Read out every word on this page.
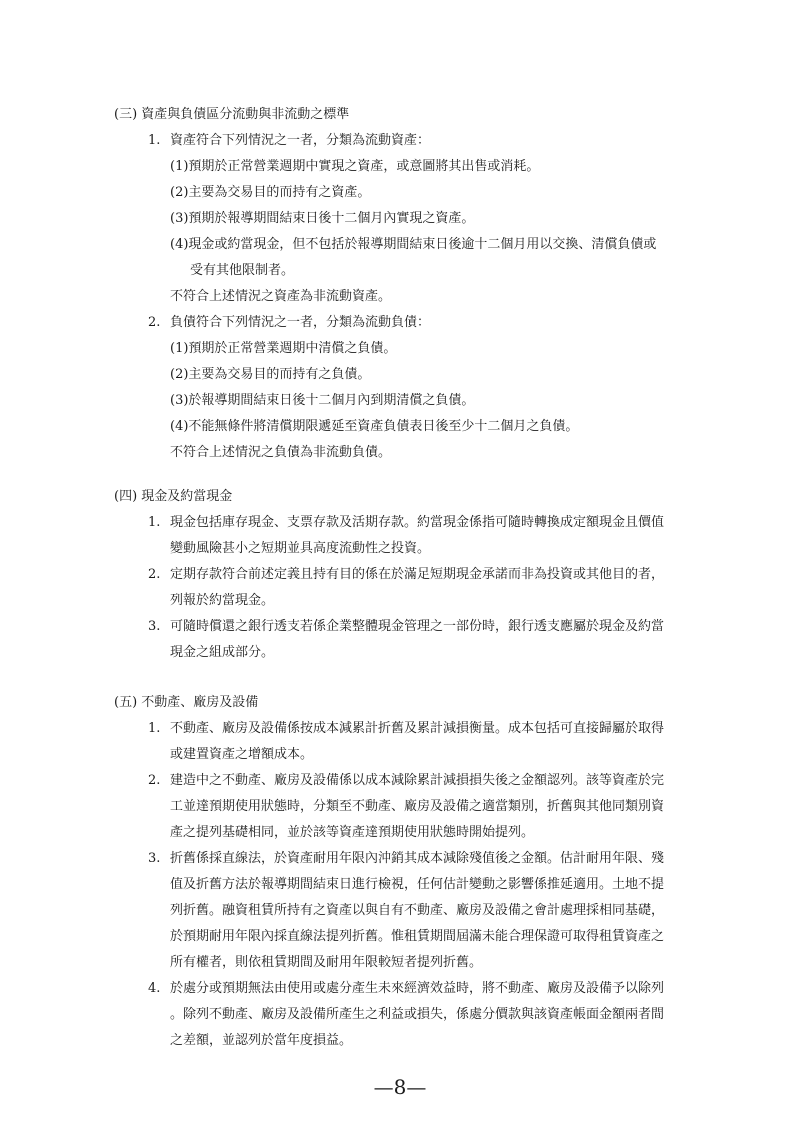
(三) 資產與負債區分流動與非流動之標準
1. 資產符合下列情況之一者，分類為流動資產：
(1)預期於正常營業週期中實現之資產，或意圖將其出售或消耗。
(2)主要為交易目的而持有之資產。
(3)預期於報導期間結束日後十二個月內實現之資產。
(4)現金或約當現金，但不包括於報導期間結束日後逾十二個月用以交換、清償負債或
受有其他限制者。
不符合上述情況之資產為非流動資產。
2. 負債符合下列情況之一者，分類為流動負債：
(1)預期於正常營業週期中清償之負債。
(2)主要為交易目的而持有之負債。
(3)於報導期間結束日後十二個月內到期清償之負債。
(4)不能無條件將清償期限遞延至資產負債表日後至少十二個月之負債。
不符合上述情況之負債為非流動負債。
(四) 現金及約當現金
1. 現金包括庫存現金、支票存款及活期存款。約當現金係指可隨時轉換成定額現金且價值
變動風險甚小之短期並具高度流動性之投資。
2. 定期存款符合前述定義且持有目的係在於滿足短期現金承諾而非為投資或其他目的者，
列報於約當現金。
3. 可隨時償還之銀行透支若係企業整體現金管理之一部份時，銀行透支應屬於現金及約當
現金之組成部分。
(五) 不動產、廠房及設備
1. 不動產、廠房及設備係按成本減累計折舊及累計減損衡量。成本包括可直接歸屬於取得
或建置資產之增額成本。
2. 建造中之不動產、廠房及設備係以成本減除累計減損損失後之金額認列。該等資產於完
工並達預期使用狀態時，分類至不動產、廠房及設備之適當類別，折舊與其他同類別資
產之提列基礎相同，並於該等資產達預期使用狀態時開始提列。
3. 折舊係採直線法，於資產耐用年限內沖銷其成本減除殘值後之金額。估計耐用年限、殘
值及折舊方法於報導期間結束日進行檢視，任何估計變動之影響係推延適用。土地不提
列折舊。融資租賃所持有之資產以與自有不動產、廠房及設備之會計處理採相同基礎，
於預期耐用年限內採直線法提列折舊。惟租賃期間屆滿未能合理保證可取得租賃資產之
所有權者，則依租賃期間及耐用年限較短者提列折舊。
4. 於處分或預期無法由使用或處分產生未來經濟效益時，將不動產、廠房及設備予以除列
。除列不動產、廠房及設備所產生之利益或損失，係處分價款與該資產帳面金額兩者間
之差額，並認列於當年度損益。
—8—
